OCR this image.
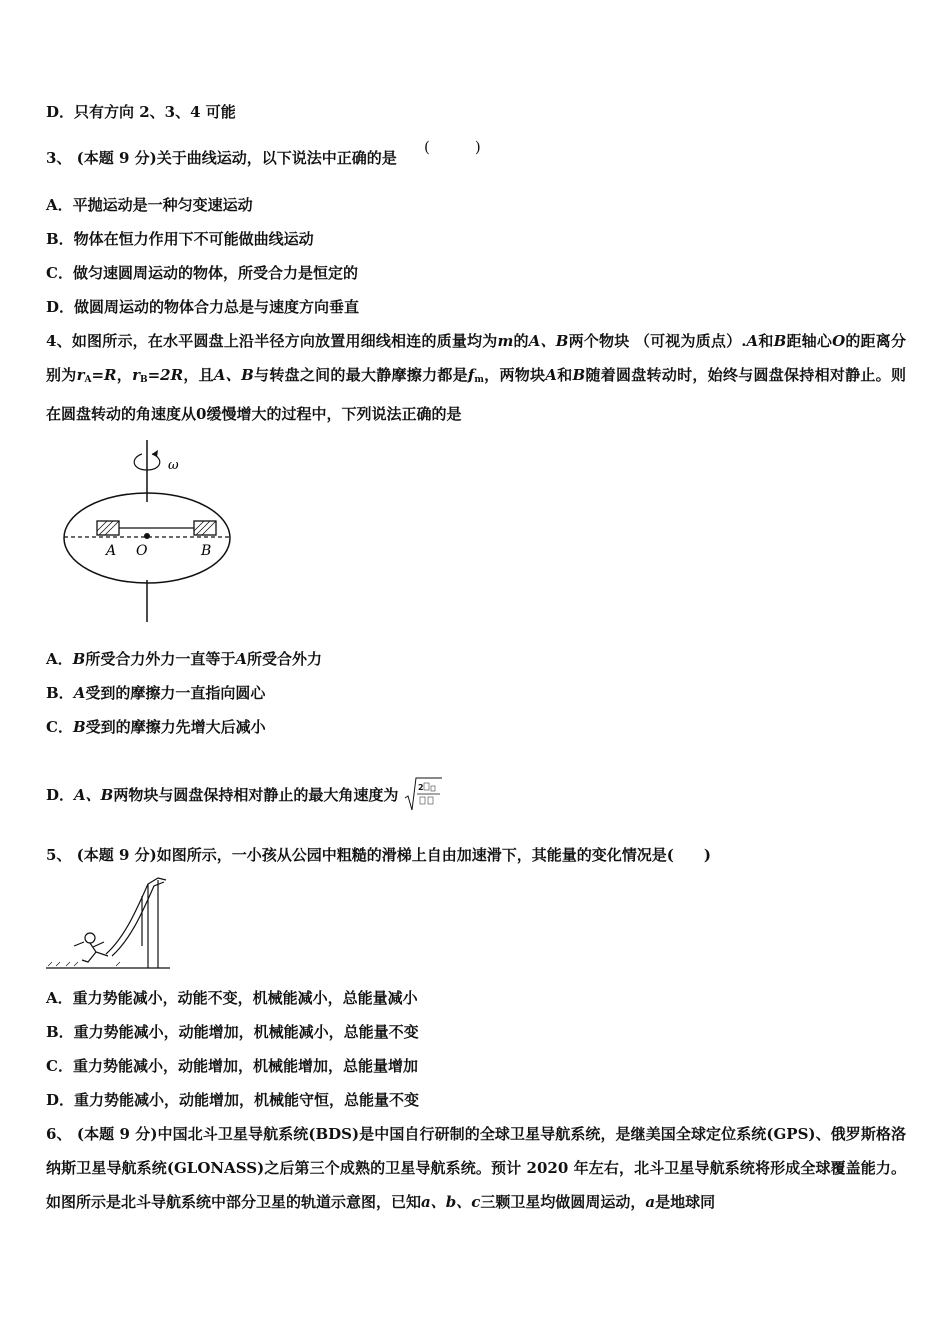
D．只有方向 2、3、4 可能
3、 (本题 9 分)关于曲线运动，以下说法中正确的是
(　　　)
A．平抛运动是一种匀变速运动
B．物体在恒力作用下不可能做曲线运动
C．做匀速圆周运动的物体，所受合力是恒定的
D．做圆周运动的物体合力总是与速度方向垂直
4、如图所示，在水平圆盘上沿半径方向放置用细线相连的质量均为m的A、B两个物块 （可视为质点）.A和B距轴心O的距离分别为$r_A=R$，$r_B=2R$，且A、B与转盘之间的最大静摩擦力都是$f_m$，两物块A和B随着圆盘转动时，始终与圆盘保持相对静止。则在圆盘转动的角速度从0缓慢增大的过程中，下列说法正确的是
ω
A O	B
A．B所受合力外力一直等于A所受合外力
B．A受到的摩擦力一直指向圆心
C．B受到的摩擦力先增大后减小
D．A、B两物块与圆盘保持相对静止的最大角速度为 2
5、 (本题 9 分)如图所示，一小孩从公园中粗糙的滑梯上自由加速滑下，其能量的变化情况是(　　)
A．重力势能减小，动能不变，机械能减小，总能量减小
B．重力势能减小，动能增加，机械能减小，总能量不变
C．重力势能减小，动能增加，机械能增加，总能量增加
D．重力势能减小，动能增加，机械能守恒，总能量不变
6、 (本题 9 分)中国北斗卫星导航系统(BDS)是中国自行研制的全球卫星导航系统，是继美国全球定位系统(GPS)、俄罗斯格洛纳斯卫星导航系统(GLONASS)之后第三个成熟的卫星导航系统。预计 2020 年左右，北斗卫星导航系统将形成全球覆盖能力。如图所示是北斗导航系统中部分卫星的轨道示意图，已知a、b、c三颗卫星均做圆周运动，a是地球同
